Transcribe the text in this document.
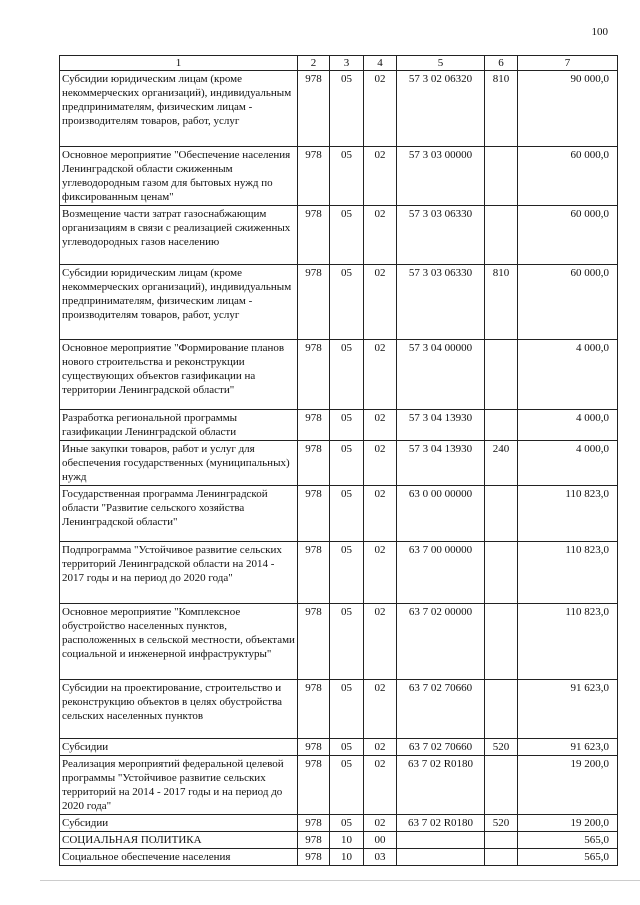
100
1	2	3	4	5	6	7
Субсидии юридическим лицам (кроме некоммерческих организаций), индивидуальным предпринимателям, физическим лицам - производителям товаров, работ, услуг	978	05	02	57 3 02 06320	810	90 000,0
Основное мероприятие "Обеспечение населения Ленинградской области сжиженным углеводородным газом для бытовых нужд по фиксированным ценам"	978	05	02	57 3 03 00000		60 000,0
Возмещение части затрат газоснабжающим организациям в связи с реализацией сжиженных углеводородных газов населению	978	05	02	57 3 03 06330		60 000,0
Субсидии юридическим лицам (кроме некоммерческих организаций), индивидуальным предпринимателям, физическим лицам - производителям товаров, работ, услуг	978	05	02	57 3 03 06330	810	60 000,0
Основное мероприятие "Формирование планов нового строительства и реконструкции существующих объектов газификации на территории Ленинградской области"	978	05	02	57 3 04 00000		4 000,0
Разработка региональной программы газификации Ленинградской области	978	05	02	57 3 04 13930		4 000,0
Иные закупки товаров, работ и услуг для обеспечения государственных (муниципальных) нужд	978	05	02	57 3 04 13930	240	4 000,0
Государственная программа Ленинградской области "Развитие сельского хозяйства Ленинградской области"	978	05	02	63 0 00 00000		110 823,0
Подпрограмма "Устойчивое развитие сельских территорий Ленинградской области на 2014 - 2017 годы и на период до 2020 года"	978	05	02	63 7 00 00000		110 823,0
Основное мероприятие "Комплексное обустройство населенных пунктов, расположенных в сельской местности, объектами социальной и инженерной инфраструктуры"	978	05	02	63 7 02 00000		110 823,0
Субсидии на проектирование, строительство и реконструкцию объектов в целях обустройства сельских населенных пунктов	978	05	02	63 7 02 70660		91 623,0
Субсидии	978	05	02	63 7 02 70660	520	91 623,0
Реализация мероприятий федеральной целевой программы "Устойчивое развитие сельских территорий на 2014 - 2017 годы и на период до 2020 года"	978	05	02	63 7 02 R0180		19 200,0
Субсидии	978	05	02	63 7 02 R0180	520	19 200,0
СОЦИАЛЬНАЯ ПОЛИТИКА	978	10	00			565,0
Социальное обеспечение населения	978	10	03			565,0
